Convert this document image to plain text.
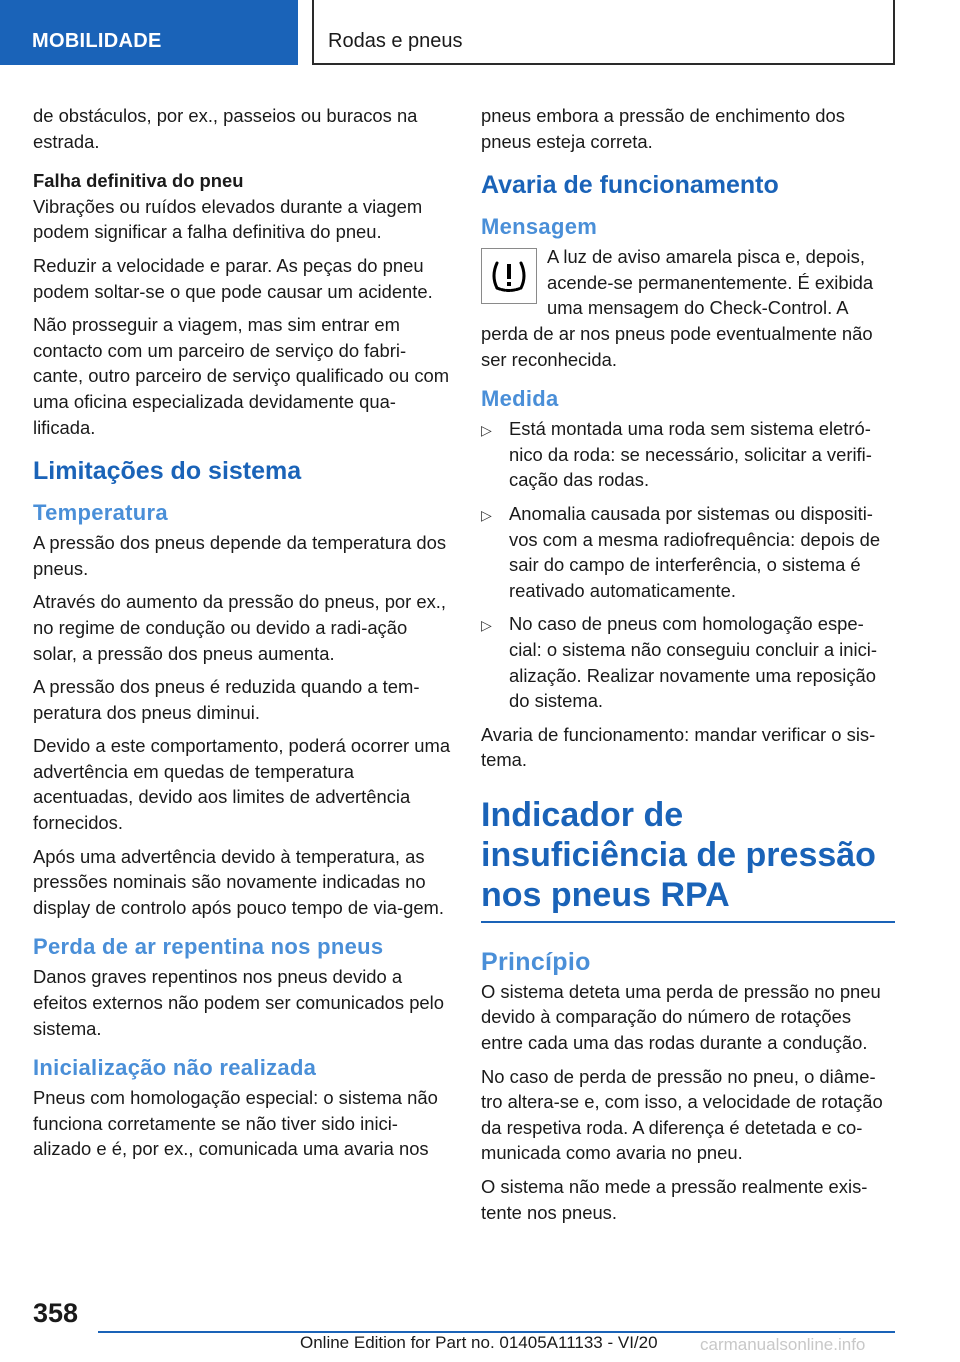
MOBILIDADE	Rodas e pneus

de obstáculos, por ex., passeios ou buracos na estrada.

Falha definitiva do pneu

Vibrações ou ruídos elevados durante a viagem podem significar a falha definitiva do pneu.

Reduzir a velocidade e parar. As peças do pneu podem soltar-se o que pode causar um acidente.

Não prosseguir a viagem, mas sim entrar em contacto com um parceiro de serviço do fabri-cante, outro parceiro de serviço qualificado ou com uma oficina especializada devidamente qua-lificada.

Limitações do sistema
Temperatura

A pressão dos pneus depende da temperatura dos pneus.

Através do aumento da pressão do pneus, por ex., no regime de condução ou devido a radi-ação solar, a pressão dos pneus aumenta.

A pressão dos pneus é reduzida quando a tem-peratura dos pneus diminui.

Devido a este comportamento, poderá ocorrer uma advertência em quedas de temperatura acentuadas, devido aos limites de advertência fornecidos.

Após uma advertência devido à temperatura, as pressões nominais são novamente indicadas no display de controlo após pouco tempo de via-gem.

Perda de ar repentina nos pneus

Danos graves repentinos nos pneus devido a efeitos externos não podem ser comunicados pelo sistema.

Inicialização não realizada

Pneus com homologação especial: o sistema não funciona corretamente se não tiver sido inici-alizado e é, por ex., comunicada uma avaria nos

pneus embora a pressão de enchimento dos pneus esteja correta.

Avaria de funcionamento
Mensagem

A luz de aviso amarela pisca e, depois, acende-se permanentemente. É exibida uma mensagem do Check-Control. A perda de ar nos pneus pode eventualmente não ser reconhecida.

Medida
▷ Está montada uma roda sem sistema eletró-nico da roda: se necessário, solicitar a verifi-cação das rodas.
▷ Anomalia causada por sistemas ou dispositi-vos com a mesma radiofrequência: depois de sair do campo de interferência, o sistema é reativado automaticamente.
▷ No caso de pneus com homologação espe-cial: o sistema não conseguiu concluir a inici-alização. Realizar novamente uma reposição do sistema.

Avaria de funcionamento: mandar verificar o sis-tema.

Indicador de insuficiência de pressão nos pneus RPA
Princípio

O sistema deteta uma perda de pressão no pneu devido à comparação do número de rotações entre cada uma das rodas durante a condução.

No caso de perda de pressão no pneu, o diâme-tro altera-se e, com isso, a velocidade de rotação da respetiva roda. A diferença é detetada e co-municada como avaria no pneu.

O sistema não mede a pressão realmente exis-tente nos pneus.

358
Online Edition for Part no. 01405A11133 - VI/20 carmanualsonline.info
